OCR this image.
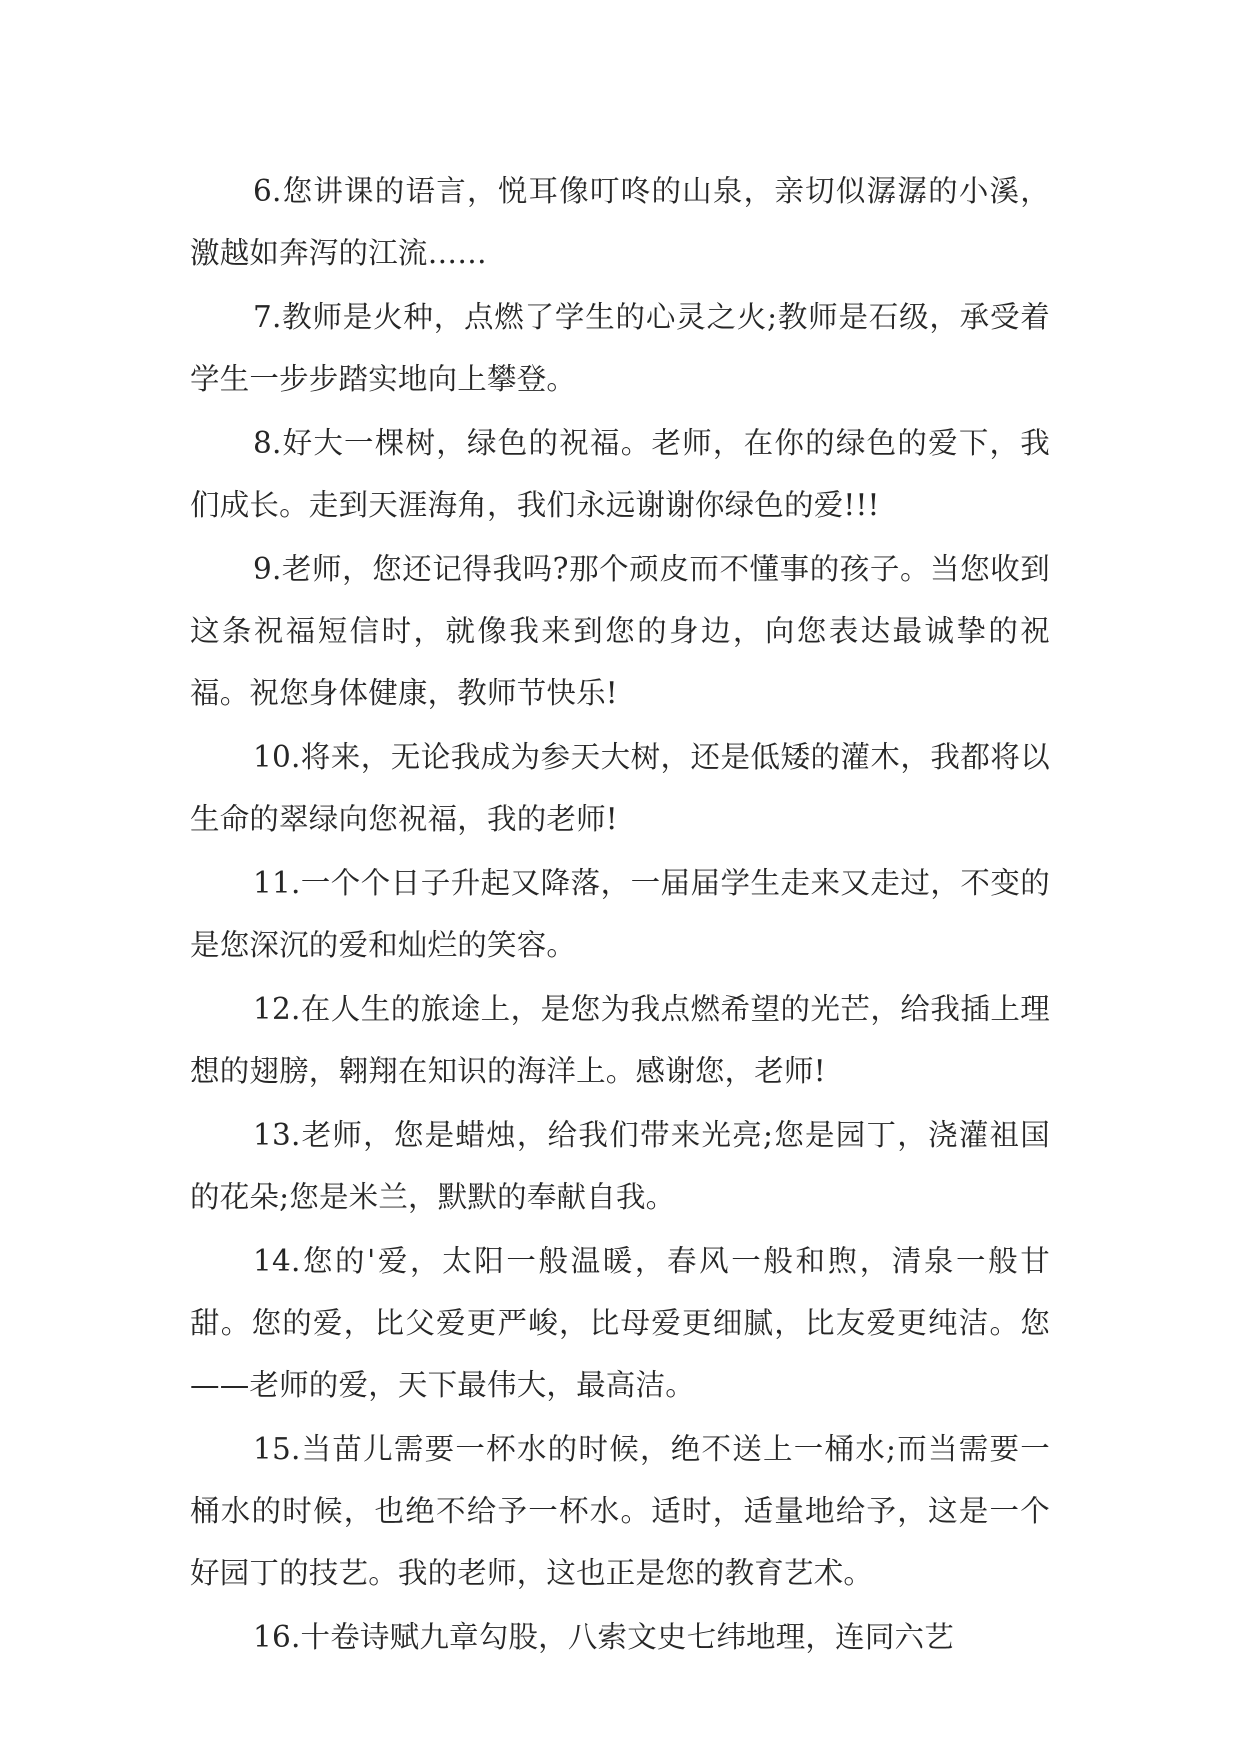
6.您讲课的语言，悦耳像叮咚的山泉，亲切似潺潺的小溪，激越如奔泻的江流……

7.教师是火种，点燃了学生的心灵之火;教师是石级，承受着学生一步步踏实地向上攀登。

8.好大一棵树，绿色的祝福。老师，在你的绿色的爱下，我们成长。走到天涯海角，我们永远谢谢你绿色的爱!!!

9.老师，您还记得我吗?那个顽皮而不懂事的孩子。当您收到这条祝福短信时，就像我来到您的身边，向您表达最诚挚的祝福。祝您身体健康，教师节快乐!

10.将来，无论我成为参天大树，还是低矮的灌木，我都将以生命的翠绿向您祝福，我的老师!

11.一个个日子升起又降落，一届届学生走来又走过，不变的是您深沉的爱和灿烂的笑容。

12.在人生的旅途上，是您为我点燃希望的光芒，给我插上理想的翅膀，翱翔在知识的海洋上。感谢您，老师!

13.老师，您是蜡烛，给我们带来光亮;您是园丁，浇灌祖国的花朵;您是米兰，默默的奉献自我。

14.您的'爱，太阳一般温暖，春风一般和煦，清泉一般甘甜。您的爱，比父爱更严峻，比母爱更细腻，比友爱更纯洁。您——老师的爱，天下最伟大，最高洁。

15.当苗儿需要一杯水的时候，绝不送上一桶水;而当需要一桶水的时候，也绝不给予一杯水。适时，适量地给予，这是一个好园丁的技艺。我的老师，这也正是您的教育艺术。

16.十卷诗赋九章勾股，八索文史七纬地理，连同六艺
